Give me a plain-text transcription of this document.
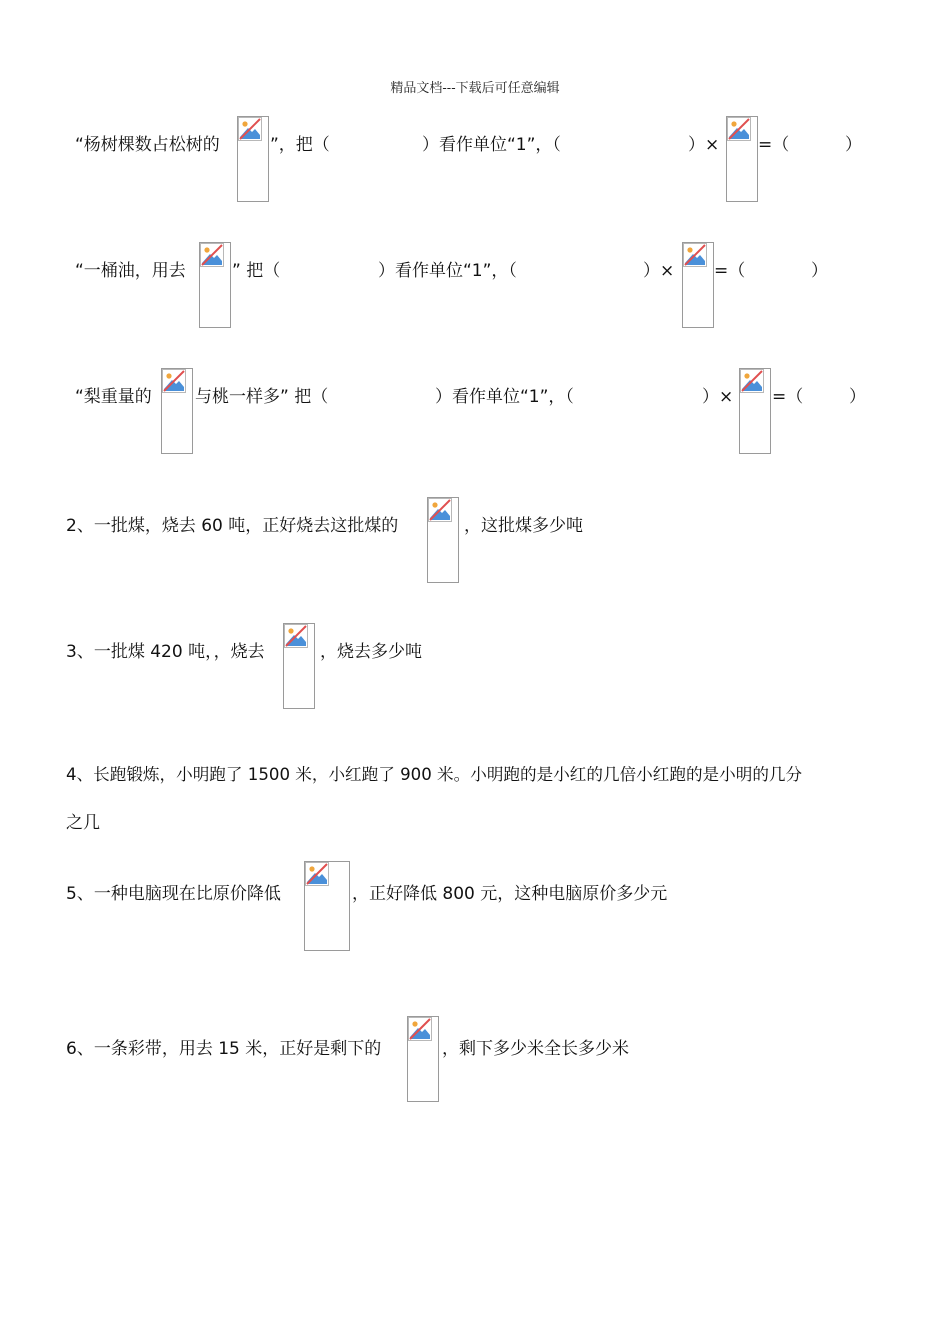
精品文档---下载后可任意编辑
“杨树棵数占松树的	”，把（	）看作单位“1”，（	）× =（	）
“一桶油，用去	” 把（	）看作单位“1”，（	）× =（	）
“梨重量的	与桃一样多” 把（	）看作单位“1”，（	）× =（	）
2、一批煤，烧去 60 吨，正好烧去这批煤的	，这批煤多少吨
3、一批煤 420 吨，，烧去	，烧去多少吨
4、长跑锻炼，小明跑了 1500 米，小红跑了 900 米。小明跑的是小红的几倍小红跑的是小明的几分
之几
5、一种电脑现在比原价降低	，正好降低 800 元，这种电脑原价多少元
6、一条彩带，用去 15 米，正好是剩下的	，剩下多少米全长多少米
